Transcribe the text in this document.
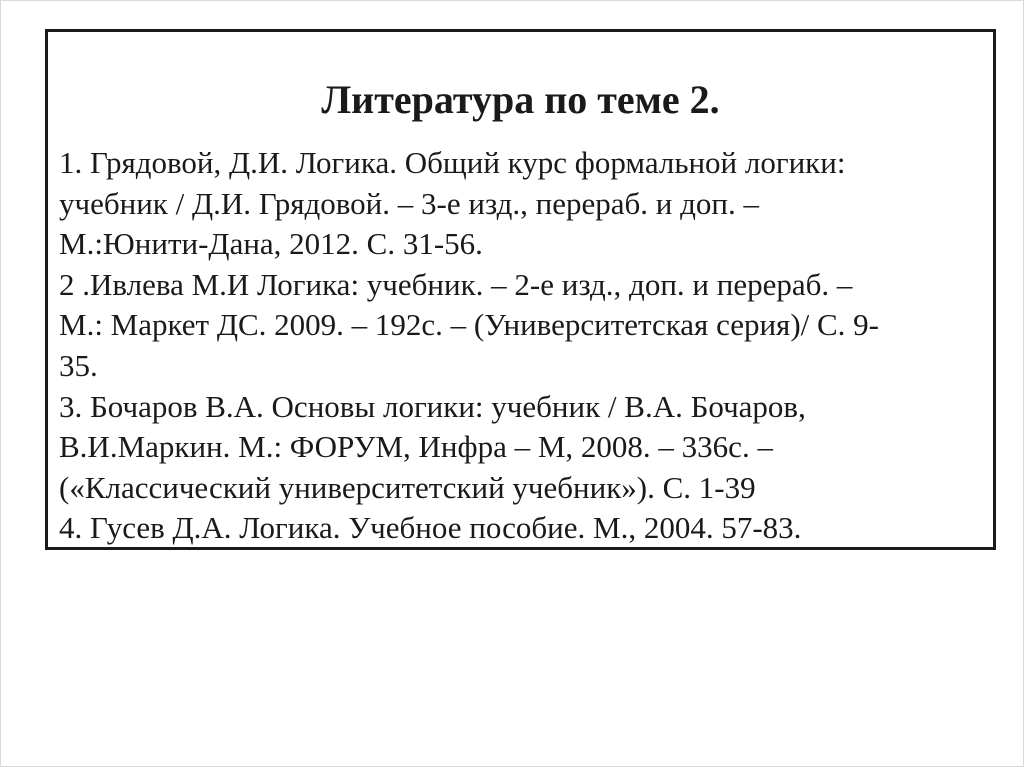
Литература по теме 2.
1. Грядовой, Д.И. Логика. Общий курс формальной логики:
учебник / Д.И. Грядовой. – 3-е изд., перераб. и доп. –
М.:Юнити-Дана, 2012. С. 31-56.
2 .Ивлева М.И Логика: учебник. – 2-е изд., доп. и перераб. –
М.: Маркет ДС. 2009. – 192с. – (Университетская серия)/ С. 9-
35.
3. Бочаров В.А. Основы логики: учебник / В.А. Бочаров,
В.И.Маркин. М.: ФОРУМ, Инфра – М, 2008. – 336с. –
(«Классический университетский учебник»). С. 1-39
4. Гусев Д.А. Логика. Учебное пособие. М., 2004. 57-83.
